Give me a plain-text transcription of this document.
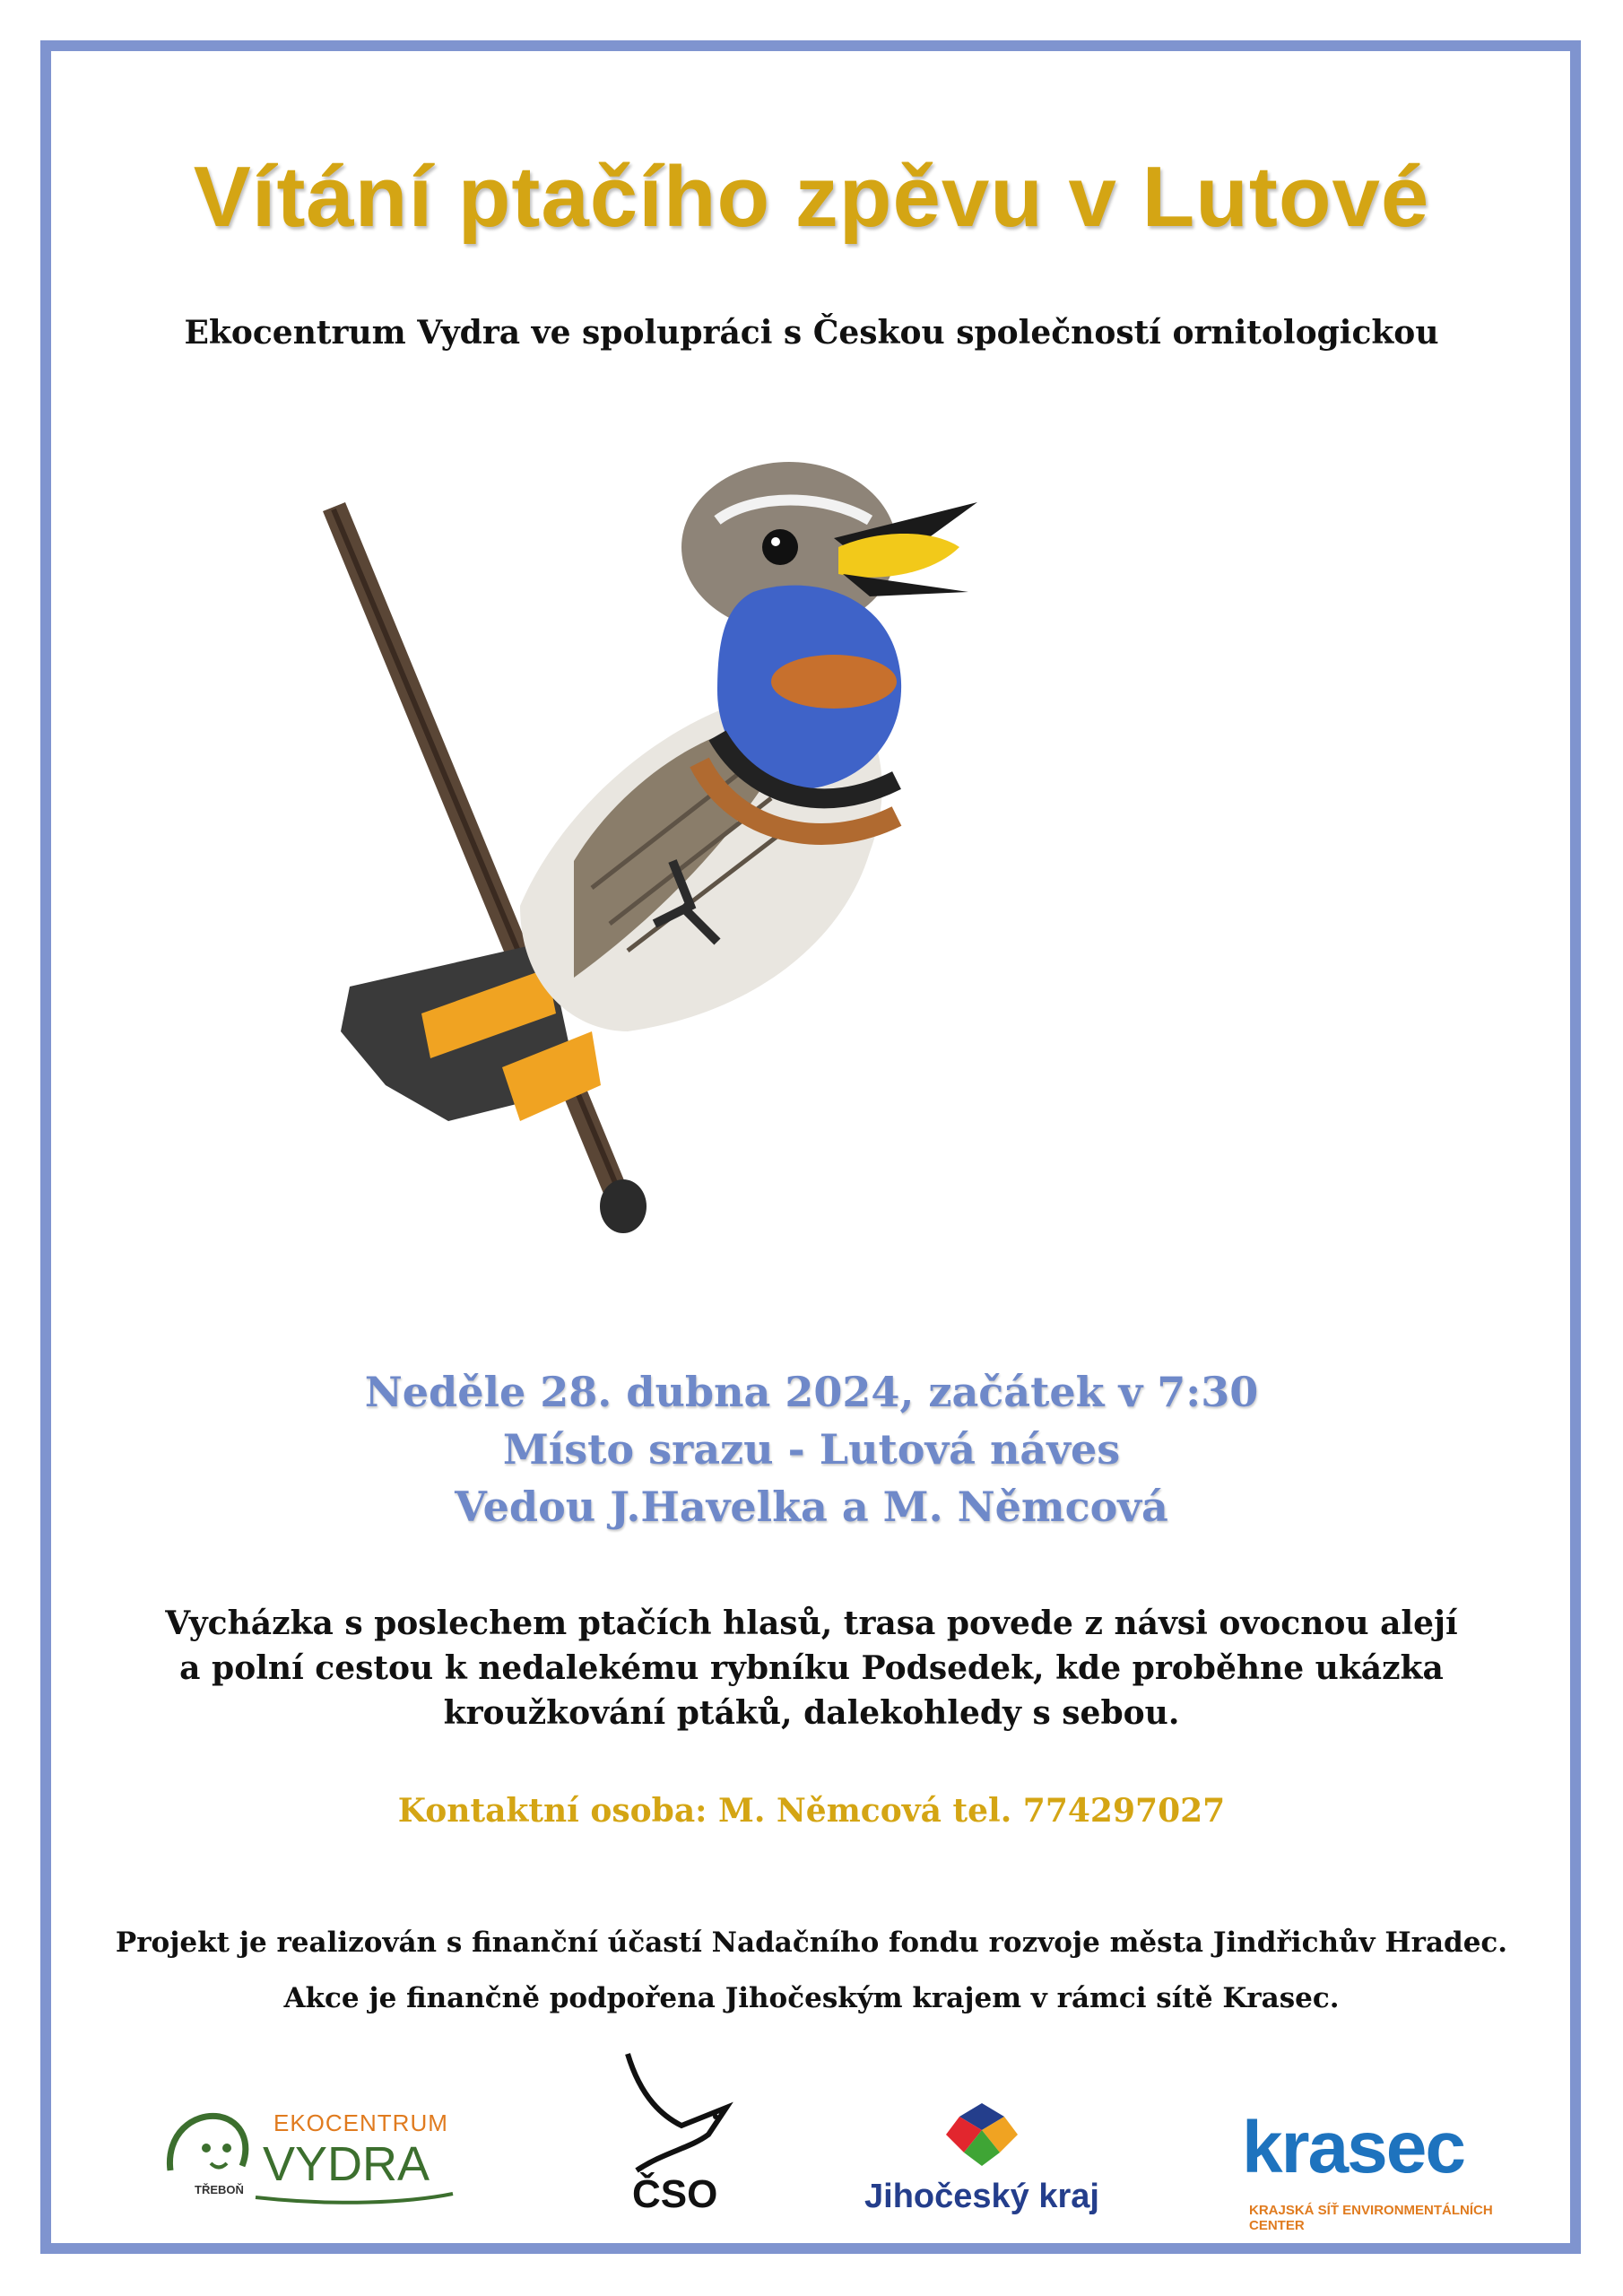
Vítání ptačího zpěvu v Lutové
Ekocentrum Vydra ve spolupráci s Českou společností ornitologickou
Neděle 28. dubna 2024, začátek v 7:30
Místo srazu - Lutová náves
Vedou J.Havelka a M. Němcová
Vycházka s poslechem ptačích hlasů, trasa povede z návsi ovocnou alejí
a polní cestou k nedalekému rybníku Podsedek, kde proběhne ukázka
kroužkování ptáků, dalekohledy s sebou.
Kontaktní osoba: M. Němcová tel. 774297027
Projekt je realizován s finanční účastí Nadačního fondu rozvoje města Jindřichův Hradec.
Akce je finančně podpořena Jihočeským krajem v rámci sítě Krasec.
EKOCENTRUM
VYDRA
TŘEBOŇ	ČSO	Jihočeský kraj
krasec
KRAJSKÁ SÍŤ ENVIRONMENTÁLNÍCH CENTER
